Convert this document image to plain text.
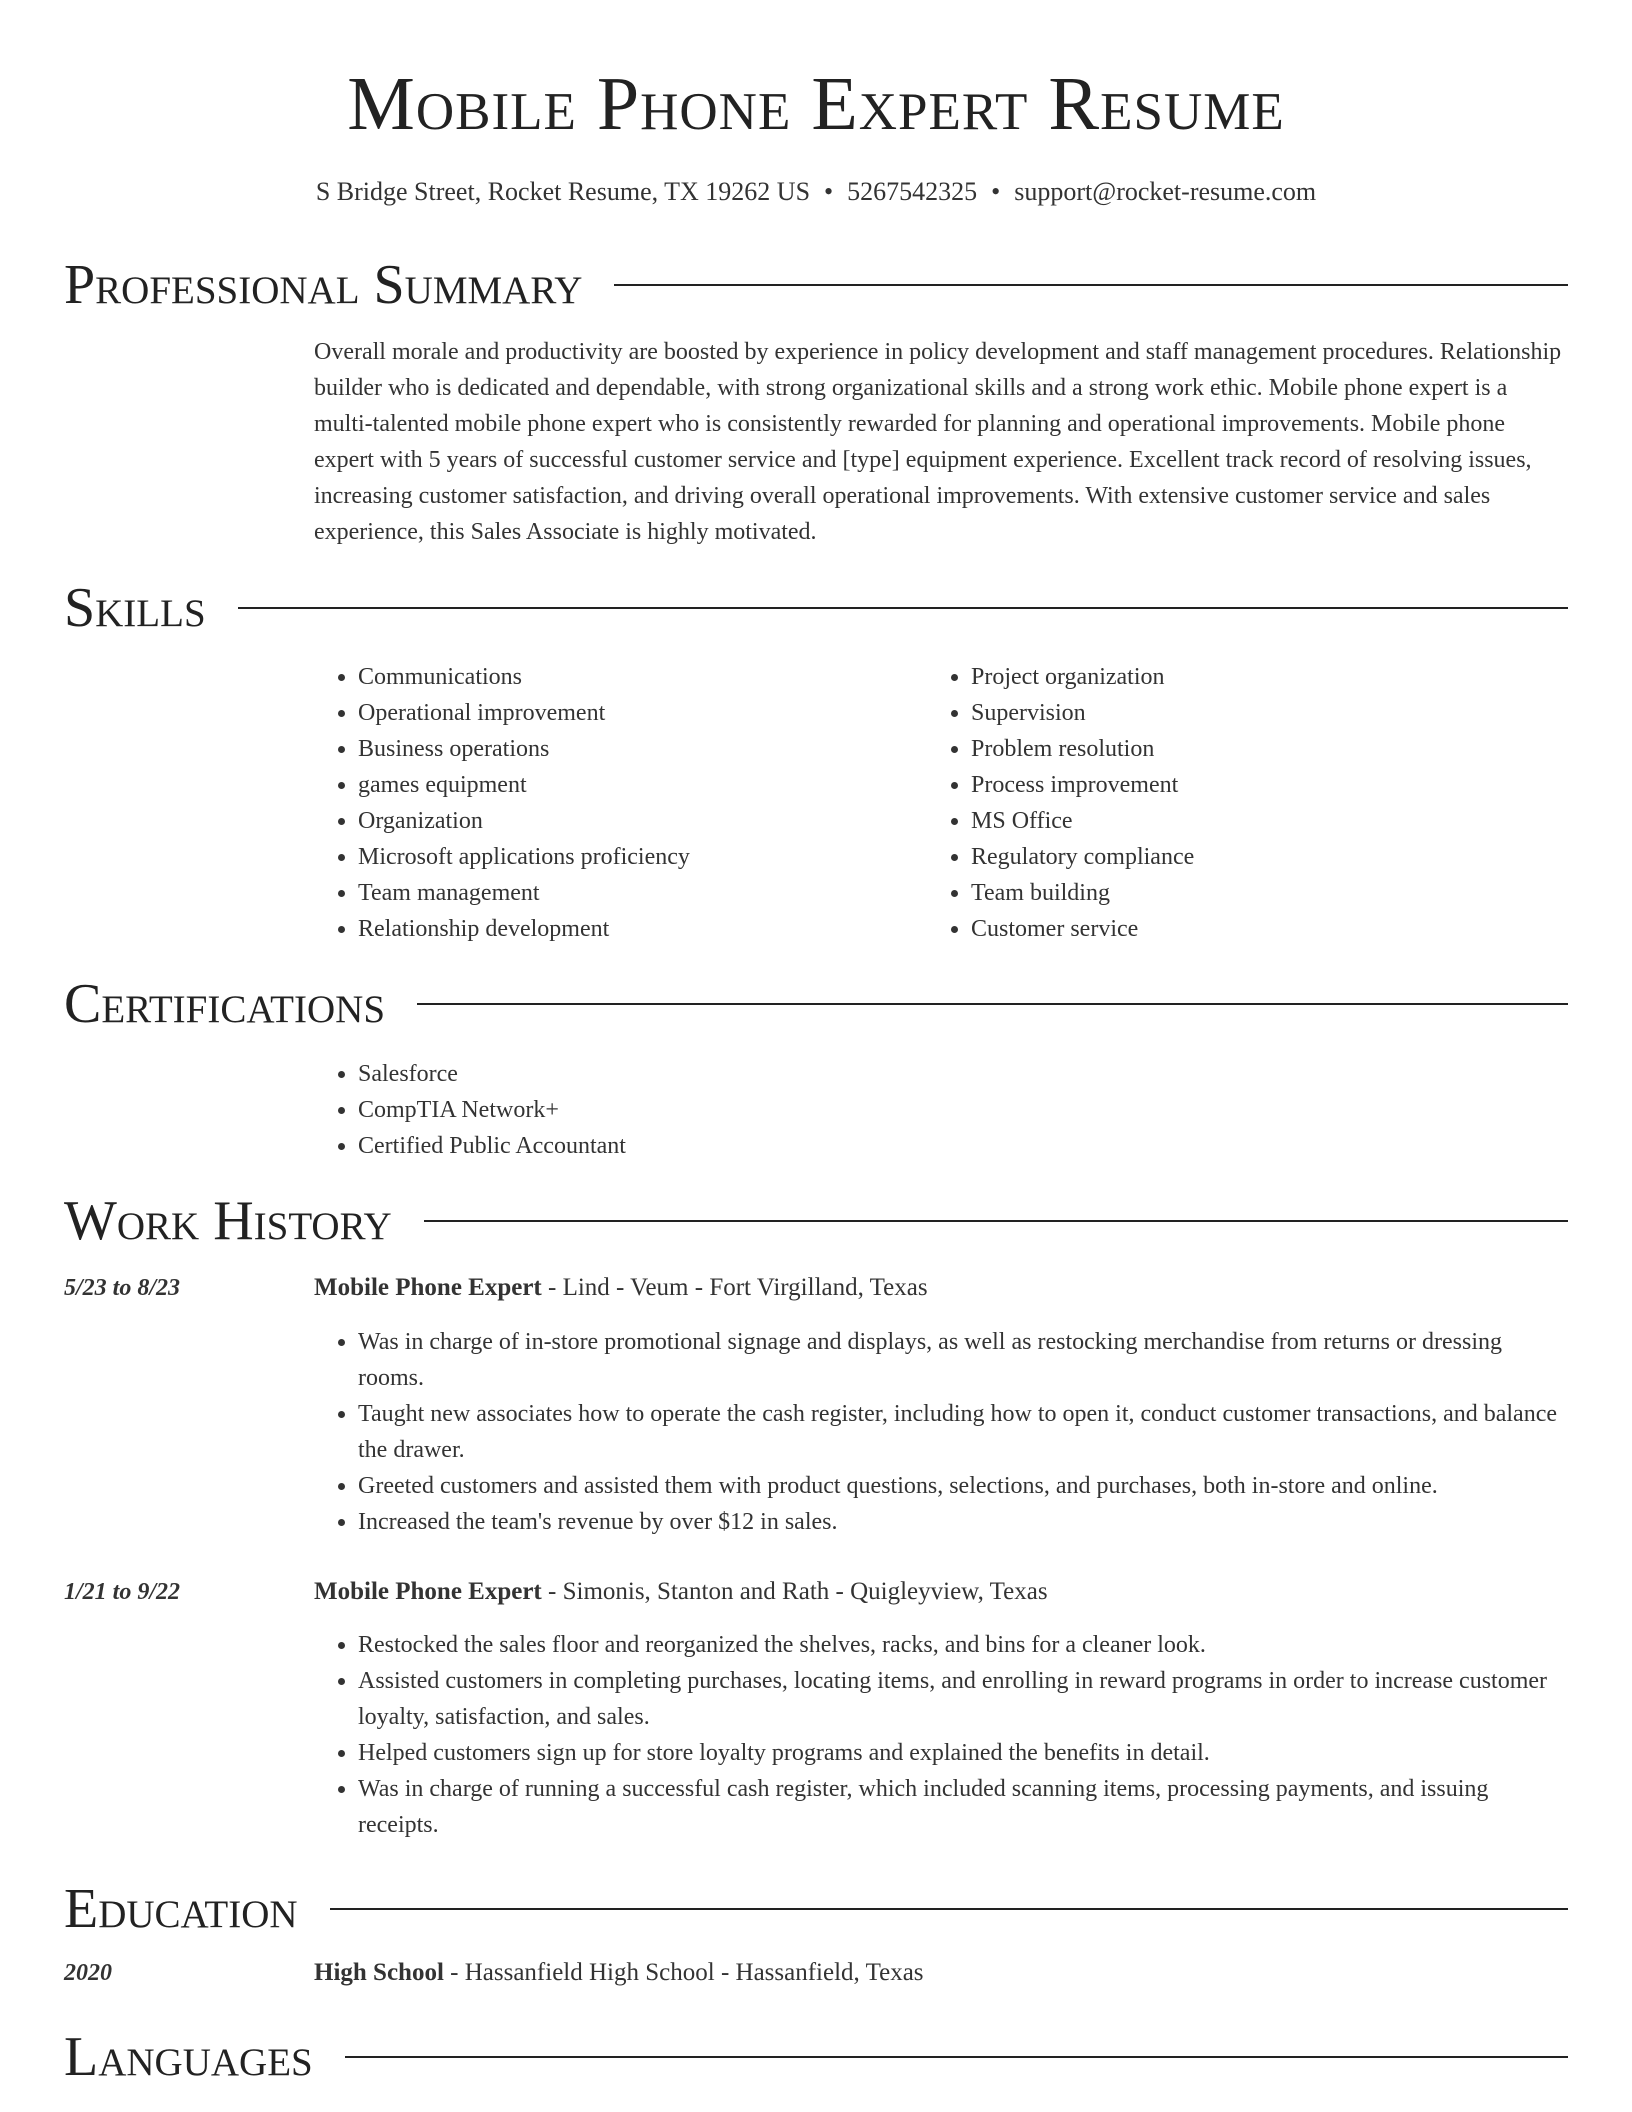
Mobile Phone Expert Resume
S Bridge Street, Rocket Resume, TX 19262 US • 5267542325 • support@rocket-resume.com
Professional Summary
Overall morale and productivity are boosted by experience in policy development and staff management procedures. Relationship builder who is dedicated and dependable, with strong organizational skills and a strong work ethic. Mobile phone expert is a multi-talented mobile phone expert who is consistently rewarded for planning and operational improvements. Mobile phone expert with 5 years of successful customer service and [type] equipment experience. Excellent track record of resolving issues, increasing customer satisfaction, and driving overall operational improvements. With extensive customer service and sales experience, this Sales Associate is highly motivated.
Skills
• Communications
• Operational improvement
• Business operations
• games equipment
• Organization
• Microsoft applications proficiency
• Team management
• Relationship development
• Project organization
• Supervision
• Problem resolution
• Process improvement
• MS Office
• Regulatory compliance
• Team building
• Customer service
Certifications
• Salesforce
• CompTIA Network+
• Certified Public Accountant
Work History
5/23 to 8/23	Mobile Phone Expert - Lind - Veum - Fort Virgilland, Texas
• Was in charge of in-store promotional signage and displays, as well as restocking merchandise from returns or dressing rooms.
• Taught new associates how to operate the cash register, including how to open it, conduct customer transactions, and balance the drawer.
• Greeted customers and assisted them with product questions, selections, and purchases, both in-store and online.
• Increased the team's revenue by over $12 in sales.
1/21 to 9/22	Mobile Phone Expert - Simonis, Stanton and Rath - Quigleyview, Texas
• Restocked the sales floor and reorganized the shelves, racks, and bins for a cleaner look.
• Assisted customers in completing purchases, locating items, and enrolling in reward programs in order to increase customer loyalty, satisfaction, and sales.
• Helped customers sign up for store loyalty programs and explained the benefits in detail.
• Was in charge of running a successful cash register, which included scanning items, processing payments, and issuing receipts.
Education
2020	High School - Hassanfield High School - Hassanfield, Texas
Languages
